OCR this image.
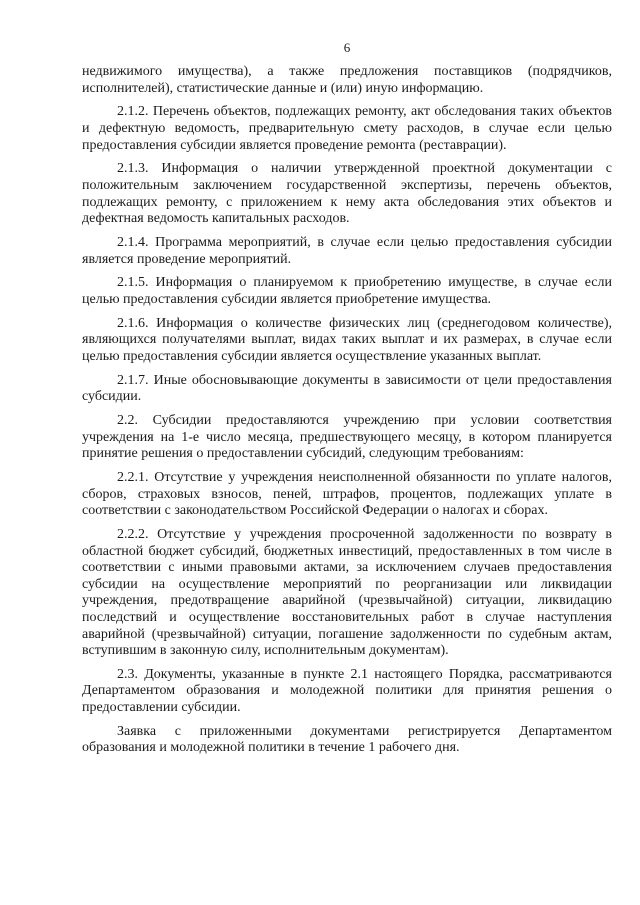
6

недвижимого имущества), а также предложения поставщиков (подрядчиков, исполнителей), статистические данные и (или) иную информацию.

2.1.2. Перечень объектов, подлежащих ремонту, акт обследования таких объектов и дефектную ведомость, предварительную смету расходов, в случае если целью предоставления субсидии является проведение ремонта (реставрации).

2.1.3. Информация о наличии утвержденной проектной документации с положительным заключением государственной экспертизы, перечень объектов, подлежащих ремонту, с приложением к нему акта обследования этих объектов и дефектная ведомость капитальных расходов.

2.1.4. Программа мероприятий, в случае если целью предоставления субсидии является проведение мероприятий.

2.1.5. Информация о планируемом к приобретению имуществе, в случае если целью предоставления субсидии является приобретение имущества.

2.1.6. Информация о количестве физических лиц (среднегодовом количестве), являющихся получателями выплат, видах таких выплат и их размерах, в случае если целью предоставления субсидии является осуществление указанных выплат.

2.1.7. Иные обосновывающие документы в зависимости от цели предоставления субсидии.

2.2. Субсидии предоставляются учреждению при условии соответствия учреждения на 1-е число месяца, предшествующего месяцу, в котором планируется принятие решения о предоставлении субсидий, следующим требованиям:

2.2.1. Отсутствие у учреждения неисполненной обязанности по уплате налогов, сборов, страховых взносов, пеней, штрафов, процентов, подлежащих уплате в соответствии с законодательством Российской Федерации о налогах и сборах.

2.2.2. Отсутствие у учреждения просроченной задолженности по возврату в областной бюджет субсидий, бюджетных инвестиций, предоставленных в том числе в соответствии с иными правовыми актами, за исключением случаев предоставления субсидии на осуществление мероприятий по реорганизации или ликвидации учреждения, предотвращение аварийной (чрезвычайной) ситуации, ликвидацию последствий и осуществление восстановительных работ в случае наступления аварийной (чрезвычайной) ситуации, погашение задолженности по судебным актам, вступившим в законную силу, исполнительным документам).

2.3. Документы, указанные в пункте 2.1 настоящего Порядка, рассматриваются Департаментом образования и молодежной политики для принятия решения о предоставлении субсидии.

Заявка с приложенными документами регистрируется Департаментом образования и молодежной политики в течение 1 рабочего дня.
